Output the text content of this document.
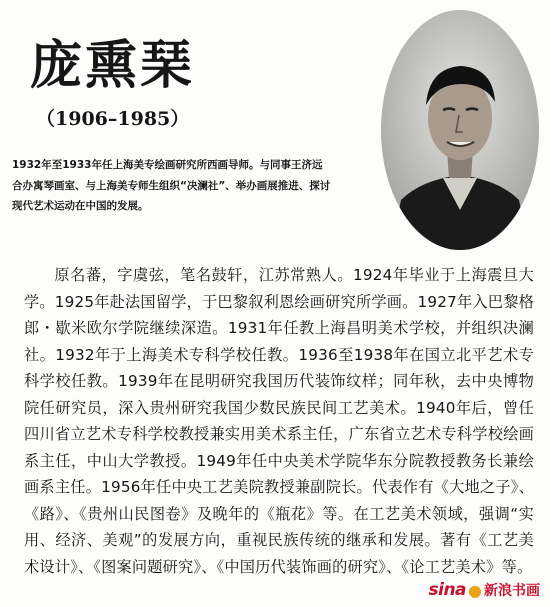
庞熏琹
（1906–1985）
1932年至1933年任上海美专绘画研究所西画导师。与同事王济远合办寓琴画室、与上海美专师生组织“决澜社”、举办画展推进、探讨现代艺术运动在中国的发展。

原名蕃，字虞弦，笔名鼓轩，江苏常熟人。1924年毕业于上海震旦大学。1925年赴法国留学，于巴黎叙利恩绘画研究所学画。1927年入巴黎格郎・歇米欧尔学院继续深造。1931年任教上海昌明美术学校，并组织决澜社。1932年于上海美术专科学校任教。1936至1938年在国立北平艺术专科学校任教。1939年在昆明研究我国历代装饰纹样；同年秋，去中央博物院任研究员，深入贵州研究我国少数民族民间工艺美术。1940年后，曾任四川省立艺术专科学校教授兼实用美术系主任，广东省立艺术专科学校绘画系主任，中山大学教授。1949年任中央美术学院华东分院教授教务长兼绘画系主任。1956年任中央工艺美院教授兼副院长。代表作有《大地之子》、《路》、《贵州山民图卷》及晚年的《瓶花》等。在工艺美术领域，强调“实用、经济、美观”的发展方向，重视民族传统的继承和发展。著有《工艺美术设计》、《图案问题研究》、《中国历代装饰画的研究》、《论工艺美术》等。

sina ● 新浪书画
